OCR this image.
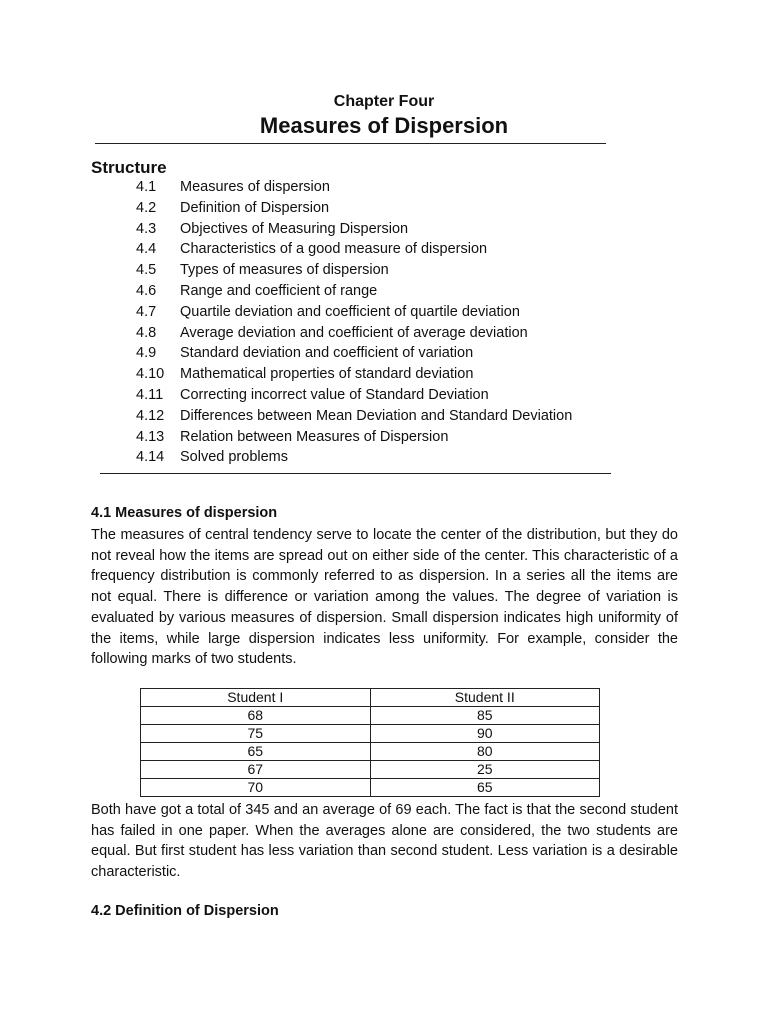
Chapter Four
Measures of Dispersion
Structure
4.1 Measures of dispersion
4.2 Definition of Dispersion
4.3 Objectives of Measuring Dispersion
4.4 Characteristics of a good measure of dispersion
4.5 Types of measures of dispersion
4.6 Range and coefficient of range
4.7 Quartile deviation and coefficient of quartile deviation
4.8 Average deviation and coefficient of average deviation
4.9 Standard deviation and coefficient of variation
4.10 Mathematical properties of standard deviation
4.11 Correcting incorrect value of Standard Deviation
4.12 Differences between Mean Deviation and Standard Deviation
4.13 Relation between Measures of Dispersion
4.14 Solved problems
4.1 Measures of dispersion

The measures of central tendency serve to locate the center of the distribution, but they do not reveal how the items are spread out on either side of the center. This characteristic of a frequency distribution is commonly referred to as dispersion. In a series all the items are not equal. There is difference or variation among the values. The degree of variation is evaluated by various measures of dispersion. Small dispersion indicates high uniformity of the items, while large dispersion indicates less uniformity. For example, consider the following marks of two students.

Student I	Student II
68	85
75	90
65	80
67	25
70	65

Both have got a total of 345 and an average of 69 each. The fact is that the second student has failed in one paper. When the averages alone are considered, the two students are equal. But first student has less variation than second student. Less variation is a desirable characteristic.

4.2 Definition of Dispersion
